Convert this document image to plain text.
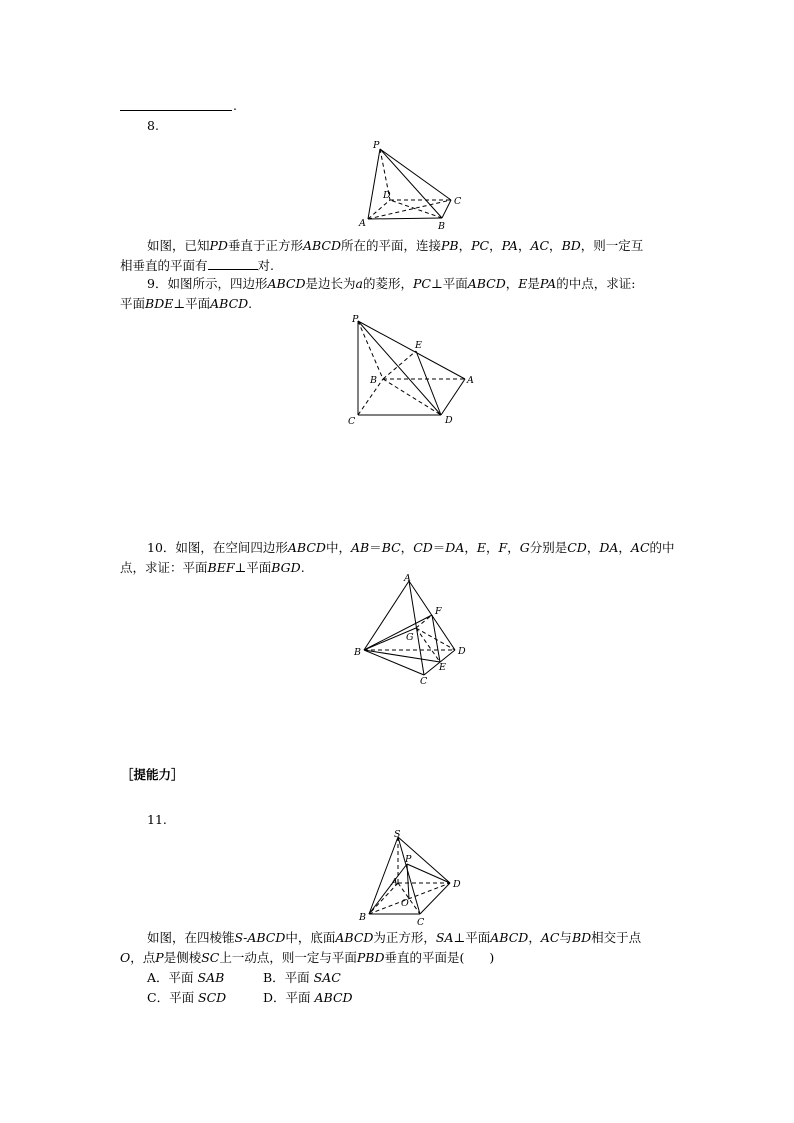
.
8.
P
D
A	B
C
如图，已知PD垂直于正方形ABCD所在的平面，连接PB，PC，PA，AC，BD，则一定互
相垂直的平面有	对.
9．如图所示，四边形ABCD是边长为a的菱形，PC⊥平面ABCD，E是PA的中点，求证:
平面BDE⊥平面ABCD.
P
E
B	A
C	D
10．如图，在空间四边形ABCD中，AB＝BC，CD＝DA，E，F，G分别是CD，DA，AC的中
点，求证：平面BEF⊥平面BGD.
A
F
G
B	D
E
C
［提能力］
11.
S
P
A	D
O
B	C
如图，在四棱锥S-ABCD中，底面ABCD为正方形，SA⊥平面ABCD，AC与BD相交于点
O，点P是侧棱SC上一动点，则一定与平面PBD垂直的平面是(　　)
A．平面 SAB	B．平面 SAC
C．平面 SCD	D．平面 ABCD
